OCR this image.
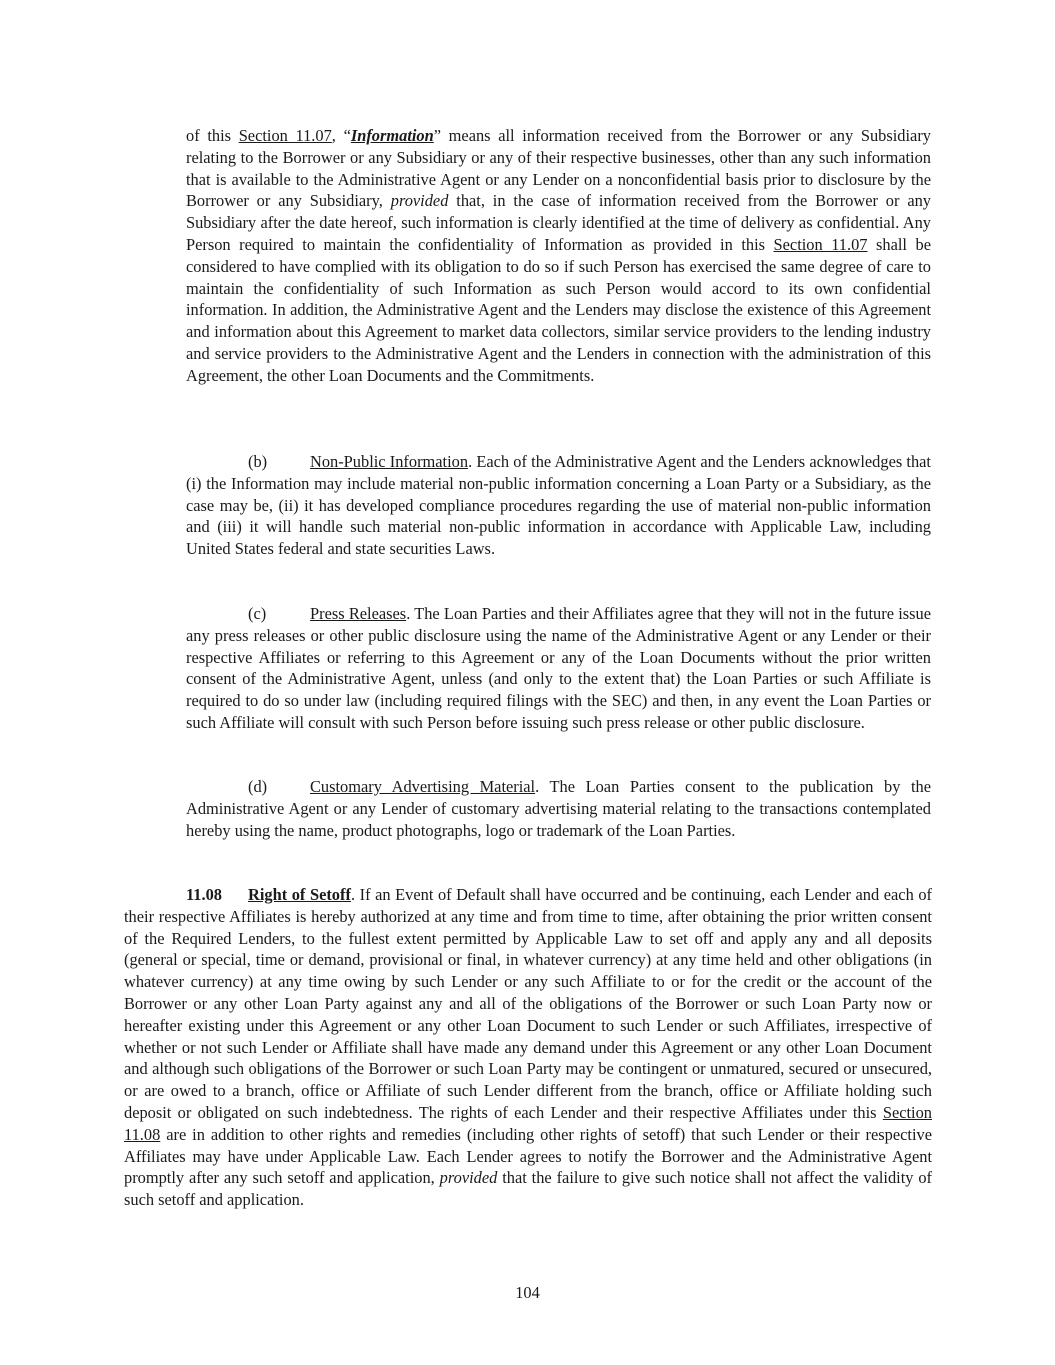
of this Section 11.07, “Information” means all information received from the Borrower or any Subsidiary relating to the Borrower or any Subsidiary or any of their respective businesses, other than any such information that is available to the Administrative Agent or any Lender on a nonconfidential basis prior to disclosure by the Borrower or any Subsidiary, provided that, in the case of information received from the Borrower or any Subsidiary after the date hereof, such information is clearly identified at the time of delivery as confidential. Any Person required to maintain the confidentiality of Information as provided in this Section 11.07 shall be considered to have complied with its obligation to do so if such Person has exercised the same degree of care to maintain the confidentiality of such Information as such Person would accord to its own confidential information. In addition, the Administrative Agent and the Lenders may disclose the existence of this Agreement and information about this Agreement to market data collectors, similar service providers to the lending industry and service providers to the Administrative Agent and the Lenders in connection with the administration of this Agreement, the other Loan Documents and the Commitments.

(b)	Non-Public Information. Each of the Administrative Agent and the Lenders acknowledges that (i) the Information may include material non-public information concerning a Loan Party or a Subsidiary, as the case may be, (ii) it has developed compliance procedures regarding the use of material non-public information and (iii) it will handle such material non-public information in accordance with Applicable Law, including United States federal and state securities Laws.

(c)	Press Releases. The Loan Parties and their Affiliates agree that they will not in the future issue any press releases or other public disclosure using the name of the Administrative Agent or any Lender or their respective Affiliates or referring to this Agreement or any of the Loan Documents without the prior written consent of the Administrative Agent, unless (and only to the extent that) the Loan Parties or such Affiliate is required to do so under law (including required filings with the SEC) and then, in any event the Loan Parties or such Affiliate will consult with such Person before issuing such press release or other public disclosure.

(d)	Customary Advertising Material. The Loan Parties consent to the publication by the Administrative Agent or any Lender of customary advertising material relating to the transactions contemplated hereby using the name, product photographs, logo or trademark of the Loan Parties.

11.08 Right of Setoff. If an Event of Default shall have occurred and be continuing, each Lender and each of their respective Affiliates is hereby authorized at any time and from time to time, after obtaining the prior written consent of the Required Lenders, to the fullest extent permitted by Applicable Law to set off and apply any and all deposits (general or special, time or demand, provisional or final, in whatever currency) at any time held and other obligations (in whatever currency) at any time owing by such Lender or any such Affiliate to or for the credit or the account of the Borrower or any other Loan Party against any and all of the obligations of the Borrower or such Loan Party now or hereafter existing under this Agreement or any other Loan Document to such Lender or such Affiliates, irrespective of whether or not such Lender or Affiliate shall have made any demand under this Agreement or any other Loan Document and although such obligations of the Borrower or such Loan Party may be contingent or unmatured, secured or unsecured, or are owed to a branch, office or Affiliate of such Lender different from the branch, office or Affiliate holding such deposit or obligated on such indebtedness. The rights of each Lender and their respective Affiliates under this Section 11.08 are in addition to other rights and remedies (including other rights of setoff) that such Lender or their respective Affiliates may have under Applicable Law. Each Lender agrees to notify the Borrower and the Administrative Agent promptly after any such setoff and application, provided that the failure to give such notice shall not affect the validity of such setoff and application.

104
